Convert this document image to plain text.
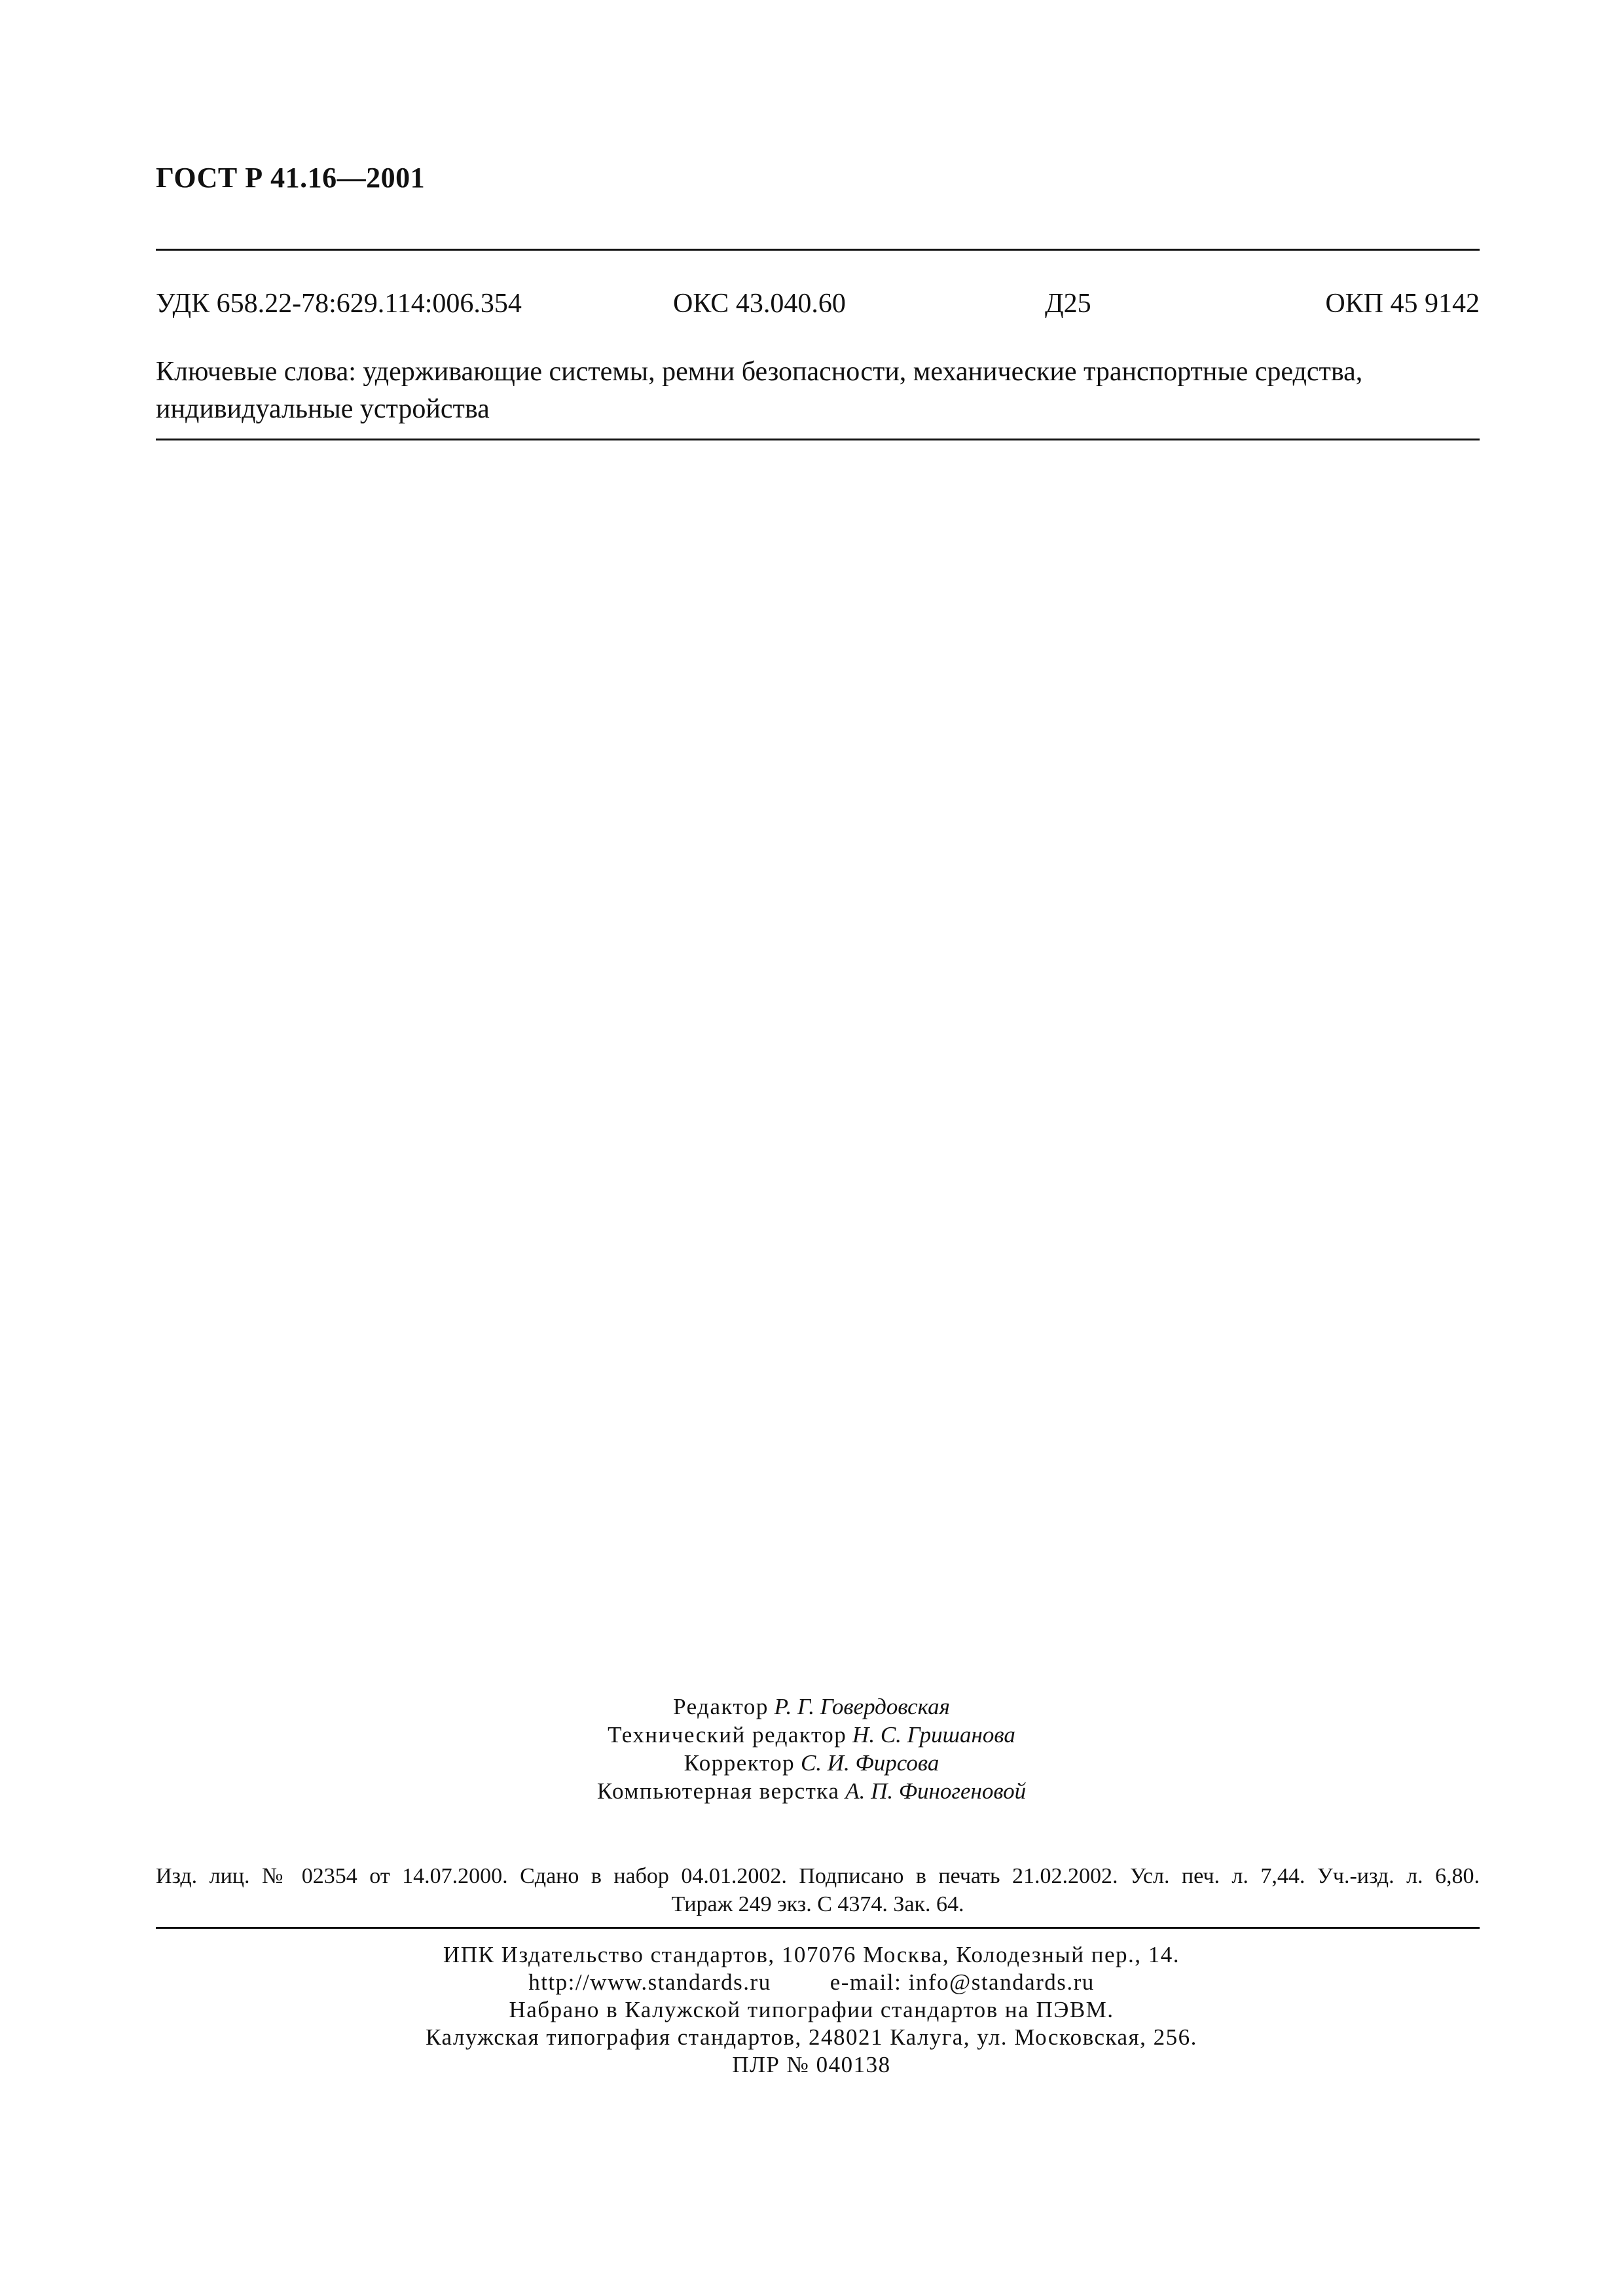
ГОСТ Р 41.16—2001
УДК 658.22-78:629.114:006.354	ОКС 43.040.60	Д25	ОКП 45 9142
Ключевые слова: удерживающие системы, ремни безопасности, механические транспортные средства, индивидуальные устройства
Редактор Р. Г. Говердовская
Технический редактор Н. С. Гришанова
Корректор С. И. Фирсова
Компьютерная верстка А. П. Финогеновой
Изд. лиц. № 02354 от 14.07.2000. Сдано в набор 04.01.2002. Подписано в печать 21.02.2002. Усл. печ. л. 7,44. Уч.-изд. л. 6,80.
Тираж 249 экз. С 4374. Зак. 64.
ИПК Издательство стандартов, 107076 Москва, Колодезный пер., 14.
http://www.standards.ru	e-mail: info@standards.ru
Набрано в Калужской типографии стандартов на ПЭВМ.
Калужская типография стандартов, 248021 Калуга, ул. Московская, 256.
ПЛР № 040138
